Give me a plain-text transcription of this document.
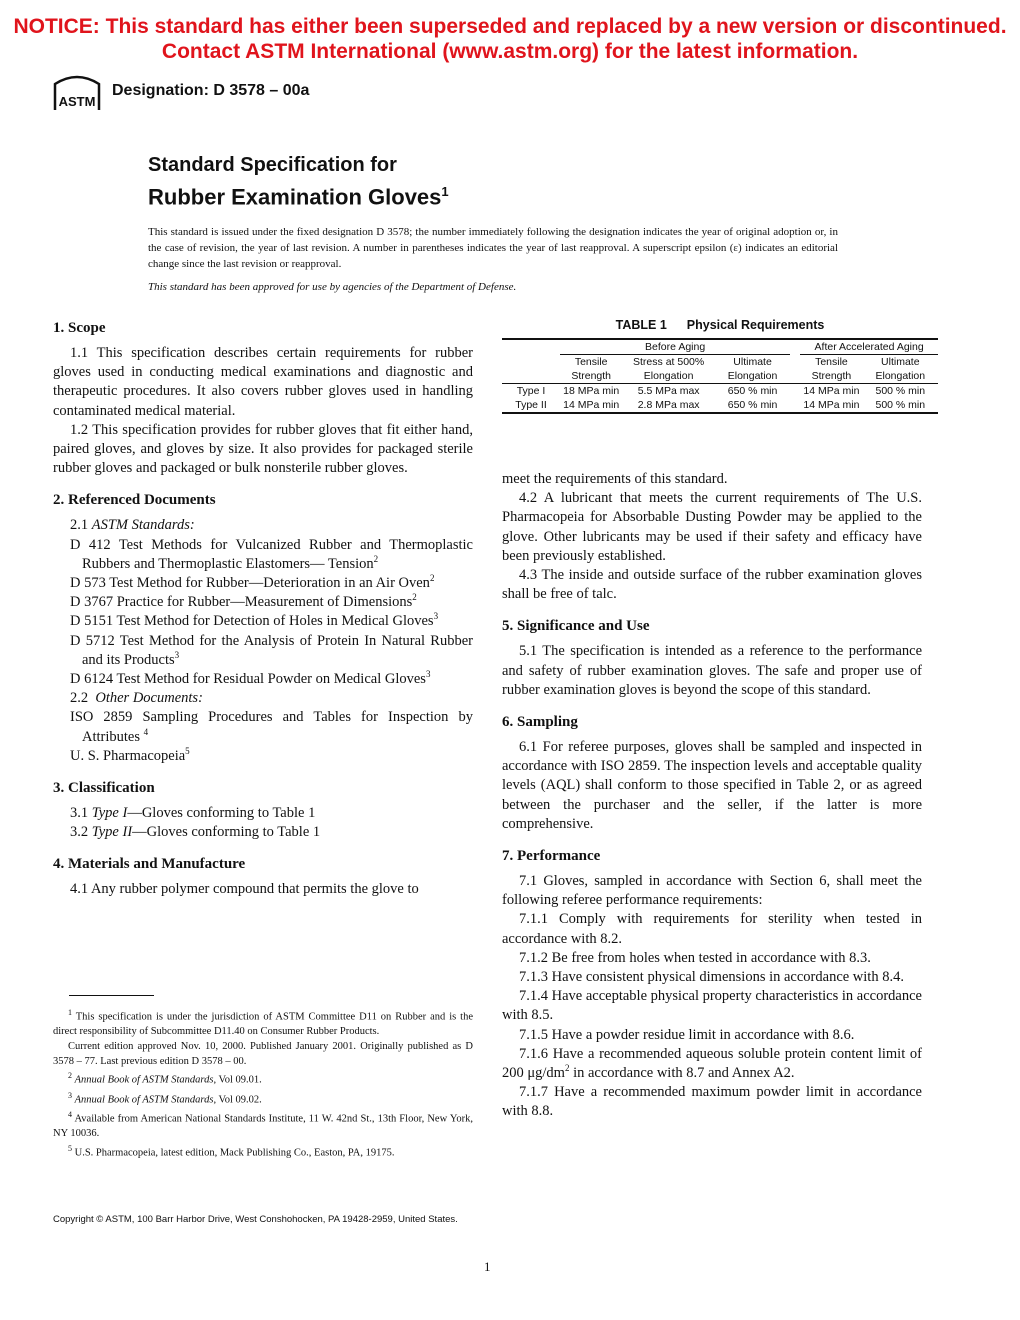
NOTICE: This standard has either been superseded and replaced by a new version or discontinued.
Contact ASTM International (www.astm.org) for the latest information.
ASTM
Designation: D 3578 – 00a
Standard Specification for
Rubber Examination Gloves$^1$
This standard is issued under the fixed designation D 3578; the number immediately following the designation indicates the year of original adoption or, in the case of revision, the year of last revision. A number in parentheses indicates the year of last reapproval. A superscript epsilon (ε) indicates an editorial change since the last revision or reapproval.
This standard has been approved for use by agencies of the Department of Defense.
1. Scope

1.1 This specification describes certain requirements for rubber gloves used in conducting medical examinations and diagnostic and therapeutic procedures. It also covers rubber gloves used in handling contaminated medical material.

1.2 This specification provides for rubber gloves that fit either hand, paired gloves, and gloves by size. It also provides for packaged sterile rubber gloves and packaged or bulk nonsterile rubber gloves.

2. Referenced Documents

2.1 ASTM Standards:

D 412 Test Methods for Vulcanized Rubber and Thermoplastic Rubbers and Thermoplastic Elastomers— Tension$^2$

D 573 Test Method for Rubber—Deterioration in an Air Oven$^2$

D 3767 Practice for Rubber—Measurement of Dimensions$^2$

D 5151 Test Method for Detection of Holes in Medical Gloves$^3$

D 5712 Test Method for the Analysis of Protein In Natural Rubber and its Products$^3$

D 6124 Test Method for Residual Powder on Medical Gloves$^3$

2.2 Other Documents:

ISO 2859 Sampling Procedures and Tables for Inspection by Attributes $^4$

U. S. Pharmacopeia$^5$

3. Classification

3.1 Type I—Gloves conforming to Table 1

3.2 Type II—Gloves conforming to Table 1

4. Materials and Manufacture

4.1 Any rubber polymer compound that permits the glove to

TABLE 1 Physical Requirements
	Before Aging				After Accelerated Aging	
	Tensile Strength	Stress at 500% Elongation	Ultimate Elongation		Tensile Strength	Ultimate Elongation
Type I	18 MPa min	5.5 MPa max	650 % min		14 MPa min	500 % min
Type II	14 MPa min	2.8 MPa max	650 % min		14 MPa min	500 % min

meet the requirements of this standard.

4.2 A lubricant that meets the current requirements of The U.S. Pharmacopeia for Absorbable Dusting Powder may be applied to the glove. Other lubricants may be used if their safety and efficacy have been previously established.

4.3 The inside and outside surface of the rubber examination gloves shall be free of talc.

5. Significance and Use

5.1 The specification is intended as a reference to the performance and safety of rubber examination gloves. The safe and proper use of rubber examination gloves is beyond the scope of this standard.

6. Sampling

6.1 For referee purposes, gloves shall be sampled and inspected in accordance with ISO 2859. The inspection levels and acceptable quality levels (AQL) shall conform to those specified in Table 2, or as agreed between the purchaser and the seller, if the latter is more comprehensive.

7. Performance

7.1 Gloves, sampled in accordance with Section 6, shall meet the following referee performance requirements:

7.1.1 Comply with requirements for sterility when tested in accordance with 8.2.

7.1.2 Be free from holes when tested in accordance with 8.3.

7.1.3 Have consistent physical dimensions in accordance with 8.4.

7.1.4 Have acceptable physical property characteristics in accordance with 8.5.

7.1.5 Have a powder residue limit in accordance with 8.6.

7.1.6 Have a recommended aqueous soluble protein content limit of 200 $\mu g/dm^2$ in accordance with 8.7 and Annex A2.

7.1.7 Have a recommended maximum powder limit in accordance with 8.8.

$^1$ This specification is under the jurisdiction of ASTM Committee D11 on Rubber and is the direct responsibility of Subcommittee D11.40 on Consumer Rubber Products.

Current edition approved Nov. 10, 2000. Published January 2001. Originally published as D 3578 – 77. Last previous edition D 3578 – 00.

$^2$ Annual Book of ASTM Standards, Vol 09.01.

$^3$ Annual Book of ASTM Standards, Vol 09.02.

$^4$ Available from American National Standards Institute, 11 W. 42nd St., 13th Floor, New York, NY 10036.

$^5$ U.S. Pharmacopeia, latest edition, Mack Publishing Co., Easton, PA, 19175.

Copyright © ASTM, 100 Barr Harbor Drive, West Conshohocken, PA 19428-2959, United States.
1
